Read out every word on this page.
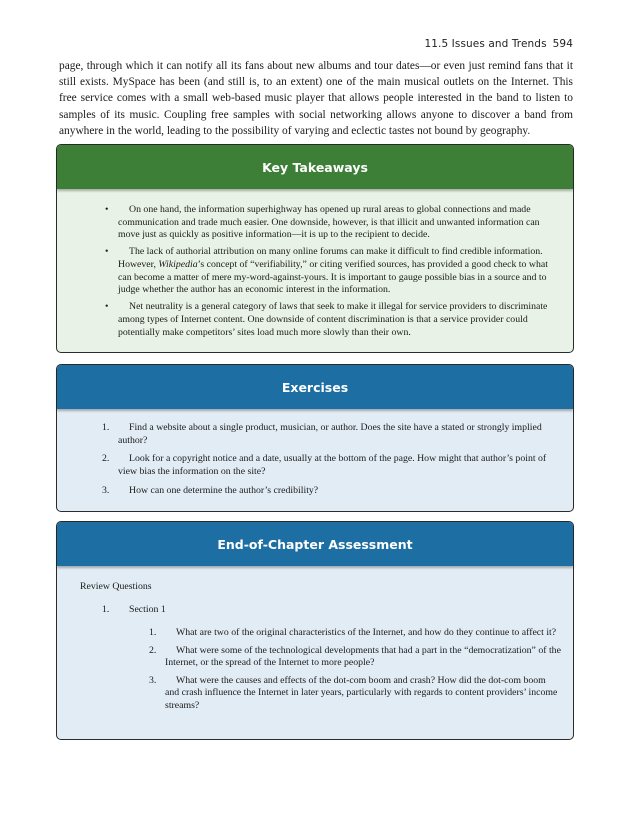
11.5 Issues and Trends 594

page, through which it can notify all its fans about new albums and tour dates—or even just remind fans that it still exists. MySpace has been (and still is, to an extent) one of the main musical outlets on the Internet. This free service comes with a small web-based music player that allows people interested in the band to listen to samples of its music. Coupling free samples with social networking allows anyone to discover a band from anywhere in the world, leading to the possibility of varying and eclectic tastes not bound by geography.

Key Takeaways
• On one hand, the information superhighway has opened up rural areas to global connections and made communication and trade much easier. One downside, however, is that illicit and unwanted information can move just as quickly as positive information—it is up to the recipient to decide.
• The lack of authorial attribution on many online forums can make it difficult to find credible information. However, Wikipedia’s concept of “verifiability,” or citing verified sources, has provided a good check to what can become a matter of mere my-word-against-yours. It is important to gauge possible bias in a source and to judge whether the author has an economic interest in the information.
• Net neutrality is a general category of laws that seek to make it illegal for service providers to discriminate among types of Internet content. One downside of content discrimination is that a service provider could potentially make competitors’ sites load much more slowly than their own.
Exercises
1. Find a website about a single product, musician, or author. Does the site have a stated or strongly implied author?
2. Look for a copyright notice and a date, usually at the bottom of the page. How might that author’s point of view bias the information on the site?
3. How can one determine the author’s credibility?
End-of-Chapter Assessment
Review Questions
1. Section 1
1. What are two of the original characteristics of the Internet, and how do they continue to affect it?
2. What were some of the technological developments that had a part in the “democratization” of the Internet, or the spread of the Internet to more people?
3. What were the causes and effects of the dot-com boom and crash? How did the dot-com boom and crash influence the Internet in later years, particularly with regards to content providers’ income streams?
